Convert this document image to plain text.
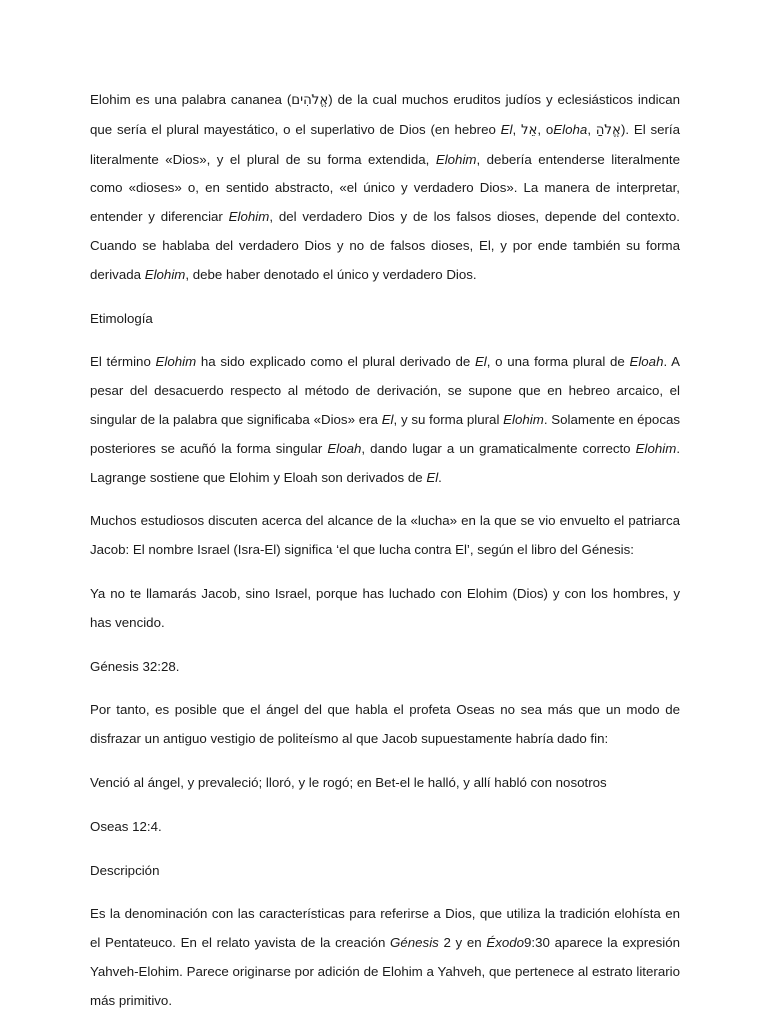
Elohim es una palabra cananea (אֱלֹהִים) de la cual muchos eruditos judíos y eclesiásticos indican que sería el plural mayestático, o el superlativo de Dios (en hebreo El, אֵל, oEloha, אֱלֹהַ). El sería literalmente «Dios», y el plural de su forma extendida, Elohim, debería entenderse literalmente como «dioses» o, en sentido abstracto, «el único y verdadero Dios». La manera de interpretar, entender y diferenciar Elohim, del verdadero Dios y de los falsos dioses, depende del contexto. Cuando se hablaba del verdadero Dios y no de falsos dioses, El, y por ende también su forma derivada Elohim, debe haber denotado el único y verdadero Dios.

Etimología

El término Elohim ha sido explicado como el plural derivado de El, o una forma plural de Eloah. A pesar del desacuerdo respecto al método de derivación, se supone que en hebreo arcaico, el singular de la palabra que significaba «Dios» era El, y su forma plural Elohim. Solamente en épocas posteriores se acuñó la forma singular Eloah, dando lugar a un gramaticalmente correcto Elohim. Lagrange sostiene que Elohim y Eloah son derivados de El.

Muchos estudiosos discuten acerca del alcance de la «lucha» en la que se vio envuelto el patriarca Jacob: El nombre Israel (Isra-El) significa ‘el que lucha contra El’, según el libro del Génesis:

Ya no te llamarás Jacob, sino Israel, porque has luchado con Elohim (Dios) y con los hombres, y has vencido.

Génesis 32:28.

Por tanto, es posible que el ángel del que habla el profeta Oseas no sea más que un modo de disfrazar un antiguo vestigio de politeísmo al que Jacob supuestamente habría dado fin:

Venció al ángel, y prevaleció; lloró, y le rogó; en Bet-el le halló, y allí habló con nosotros

Oseas 12:4.

Descripción

Es la denominación con las características para referirse a Dios, que utiliza la tradición elohísta en el Pentateuco. En el relato yavista de la creación Génesis 2 y en Éxodo9:30 aparece la expresión Yahveh-Elohim. Parece originarse por adición de Elohim a Yahveh, que pertenece al estrato literario más primitivo.
